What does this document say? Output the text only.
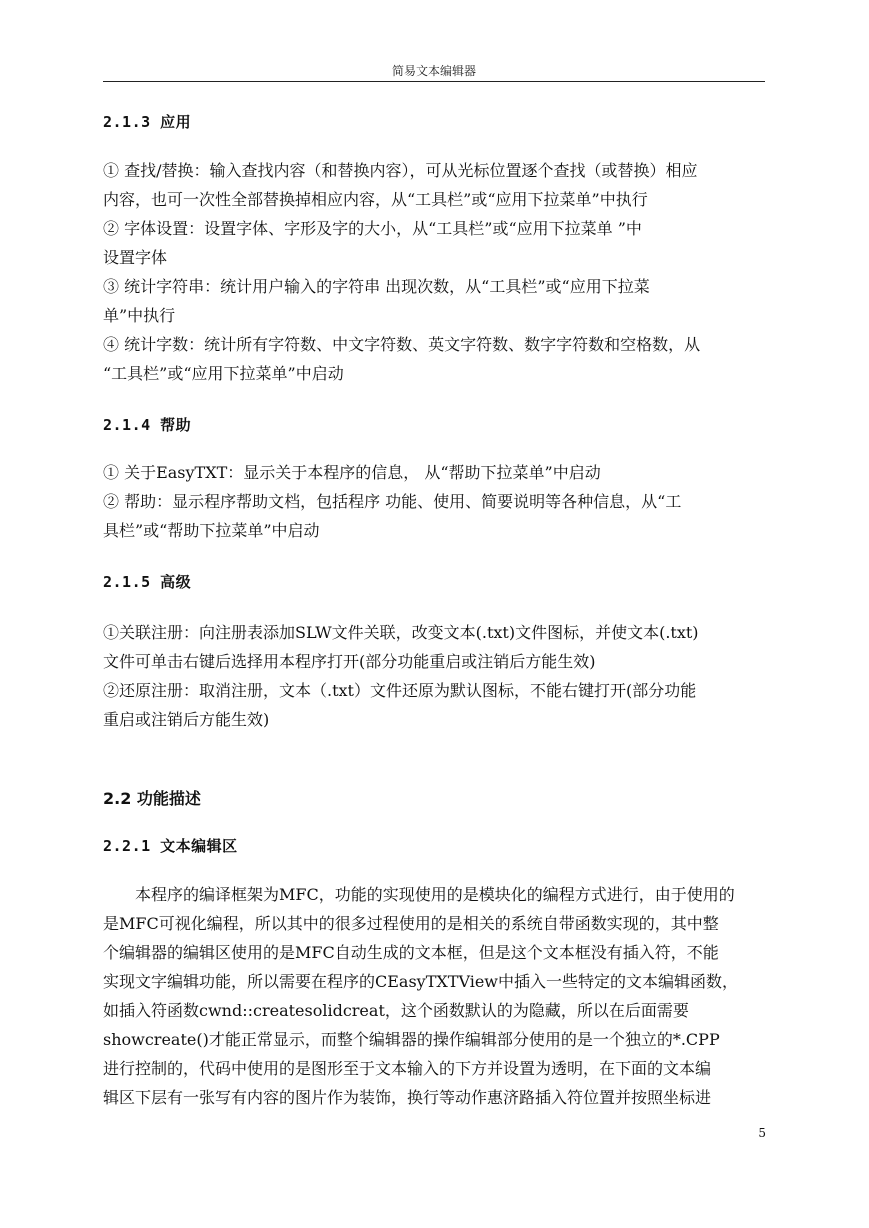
简易文本编辑器
2.1.3 应用
① 查找/替换：输入查找内容（和替换内容），可从光标位置逐个查找（或替换）相应
内容，也可一次性全部替换掉相应内容，从“工具栏”或“应用下拉菜单”中执行
② 字体设置：设置字体、字形及字的大小，从“工具栏”或“应用下拉菜单 ”中
设置字体
③ 统计字符串：统计用户输入的字符串 出现次数，从“工具栏”或“应用下拉菜
单”中执行
④ 统计字数：统计所有字符数、中文字符数、英文字符数、数字字符数和空格数，从
“工具栏”或“应用下拉菜单”中启动
2.1.4 帮助
① 关于EasyTXT：显示关于本程序的信息， 从“帮助下拉菜单”中启动
② 帮助：显示程序帮助文档，包括程序 功能、使用、简要说明等各种信息，从“工
具栏”或“帮助下拉菜单”中启动
2.1.5 高级
①关联注册：向注册表添加SLW文件关联，改变文本(.txt)文件图标，并使文本(.txt)
文件可单击右键后选择用本程序打开(部分功能重启或注销后方能生效)
②还原注册：取消注册，文本（.txt）文件还原为默认图标，不能右键打开(部分功能
重启或注销后方能生效)
2.2 功能描述
2.2.1 文本编辑区
本程序的编译框架为MFC，功能的实现使用的是模块化的编程方式进行，由于使用的
是MFC可视化编程，所以其中的很多过程使用的是相关的系统自带函数实现的，其中整
个编辑器的编辑区使用的是MFC自动生成的文本框，但是这个文本框没有插入符，不能
实现文字编辑功能，所以需要在程序的CEasyTXTView中插入一些特定的文本编辑函数，
如插入符函数cwnd::createsolidcreat，这个函数默认的为隐藏，所以在后面需要
showcreate()才能正常显示，而整个编辑器的操作编辑部分使用的是一个独立的*.CPP
进行控制的，代码中使用的是图形至于文本输入的下方并设置为透明，在下面的文本编
辑区下层有一张写有内容的图片作为装饰，换行等动作惠济路插入符位置并按照坐标进
5
